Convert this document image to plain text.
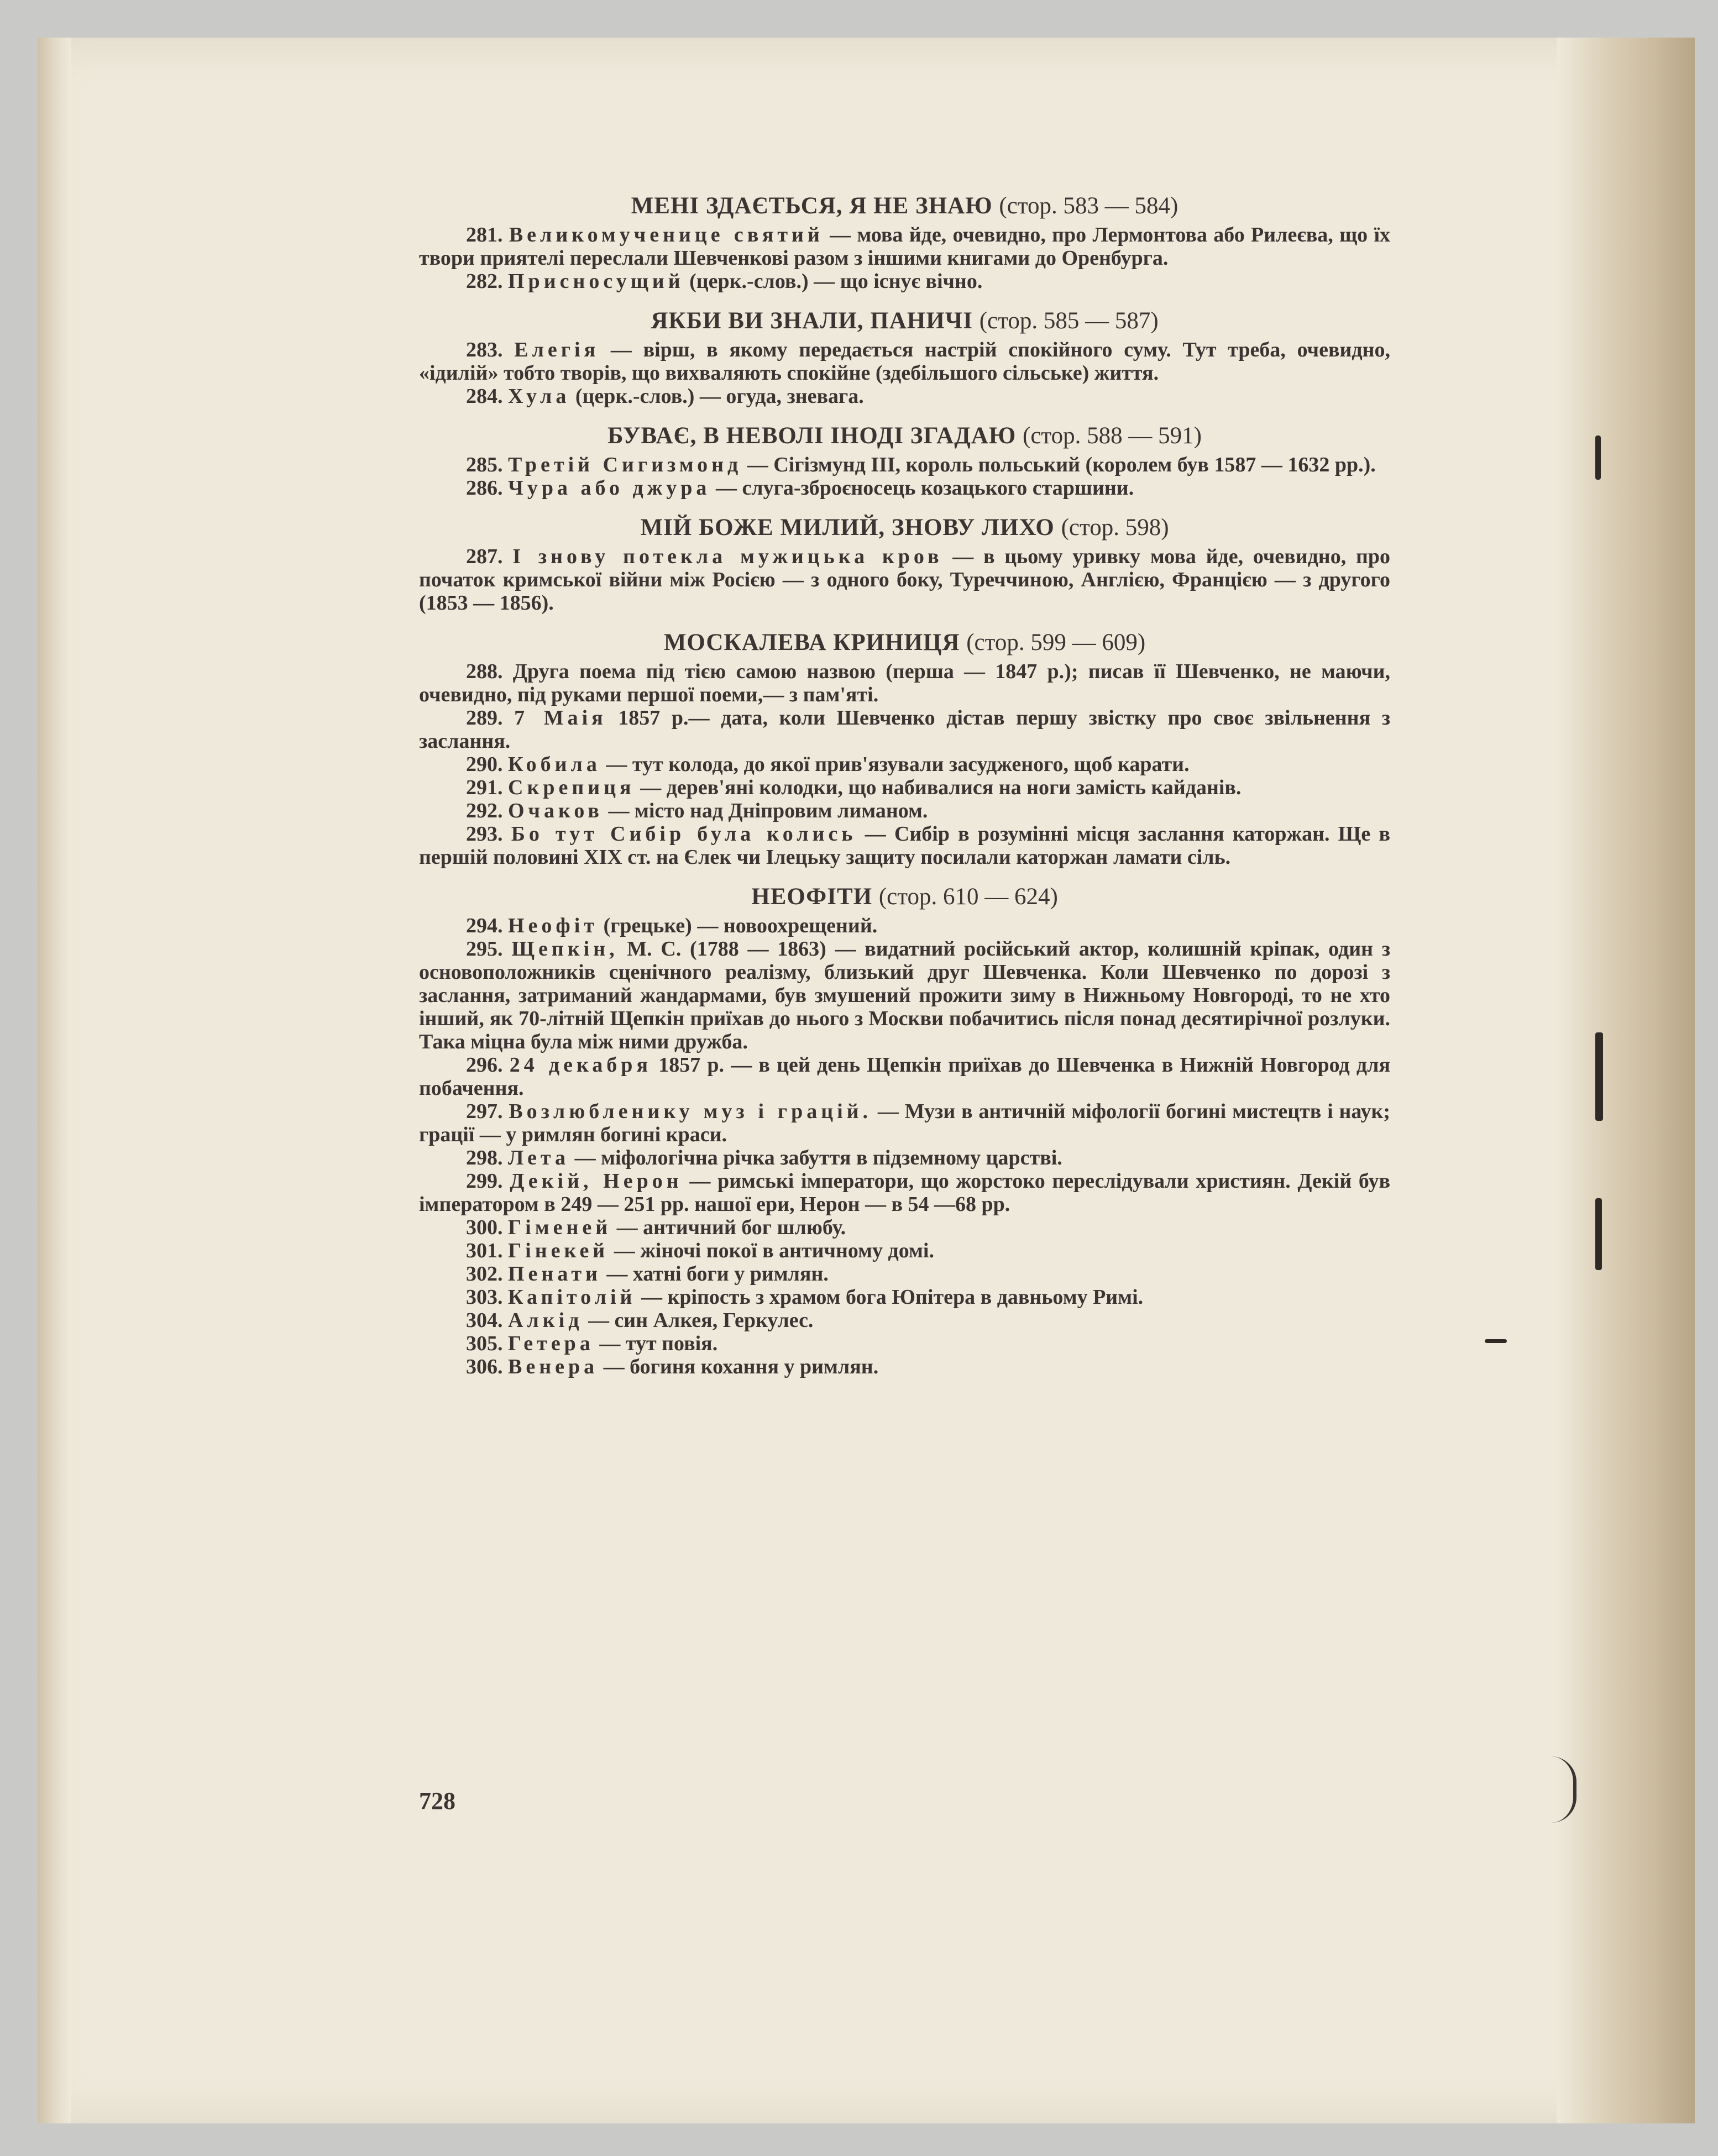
МЕНІ ЗДАЄТЬСЯ, Я НЕ ЗНАЮ (стор. 583 — 584)

281. Великомученице святий — мова йде, очевидно, про Лермонтова або Рилеєва, що їх твори приятелі переслали Шевченкові разом з іншими книгами до Оренбурга.

282. Присносущий (церк.-слов.) — що існує вічно.

ЯКБИ ВИ ЗНАЛИ, ПАНИЧІ (стор. 585 — 587)

283. Елегія — вірш, в якому передається настрій спокійного суму. Тут треба, очевидно, «ідилій» тобто творів, що вихваляють спокійне (здебільшого сільське) життя.

284. Хула (церк.-слов.) — огуда, зневага.

БУВАЄ, В НЕВОЛІ ІНОДІ ЗГАДАЮ (стор. 588 — 591)

285. Третій Сигизмонд — Сігізмунд III, король польський (королем був 1587 — 1632 рр.).

286. Чура або джура — слуга-зброєносець козацького старшини.

МІЙ БОЖЕ МИЛИЙ, ЗНОВУ ЛИХО (стор. 598)

287. І знову потекла мужицька кров — в цьому уривку мова йде, очевидно, про початок кримської війни між Росією — з одного боку, Туреччиною, Англією, Францією — з другого (1853 — 1856).

МОСКАЛЕВА КРИНИЦЯ (стор. 599 — 609)

288. Друга поема під тією самою назвою (перша — 1847 р.); писав її Шевченко, не маючи, очевидно, під руками першої поеми,— з пам'яті.

289. 7 Маія 1857 р.— дата, коли Шевченко дістав першу звістку про своє звільнення з заслання.

290. Кобила — тут колода, до якої прив'язували засудженого, щоб карати.

291. Скрепиця — дерев'яні колодки, що набивалися на ноги замість кайданів.

292. Очаков — місто над Дніпровим лиманом.

293. Бо тут Сибір була колись — Сибір в розумінні місця заслання каторжан. Ще в першій половині XIX ст. на Єлек чи Ілецьку защиту посилали каторжан ламати сіль.

НЕОФІТИ (стор. 610 — 624)

294. Неофіт (грецьке) — новоохрещений.

295. Щепкін, М. С. (1788 — 1863) — видатний російський актор, колишній кріпак, один з основоположників сценічного реалізму, близький друг Шевченка. Коли Шевченко по дорозі з заслання, затриманий жандармами, був змушений прожити зиму в Нижньому Новгороді, то не хто інший, як 70-літній Щепкін приїхав до нього з Москви побачитись після понад десятирічної розлуки. Така міцна була між ними дружба.

296. 24 декабря 1857 р. — в цей день Щепкін приїхав до Шевченка в Нижній Новгород для побачення.

297. Возлюбленику муз і грацій. — Музи в античній міфології богині мистецтв і наук; грації — у римлян богині краси.

298. Лета — міфологічна річка забуття в підземному царстві.

299. Декій, Нерон — римські імператори, що жорстоко переслідували християн. Декій був імператором в 249 — 251 рр. нашої ери, Нерон — в 54 —68 рр.

300. Гіменей — античний бог шлюбу.

301. Гінекей — жіночі покої в античному домі.

302. Пенати — хатні боги у римлян.

303. Капітолій — кріпость з храмом бога Юпітера в давньому Римі.

304. Алкід — син Алкея, Геркулес.

305. Гетера — тут повія.

306. Венера — богиня кохання у римлян.

728
